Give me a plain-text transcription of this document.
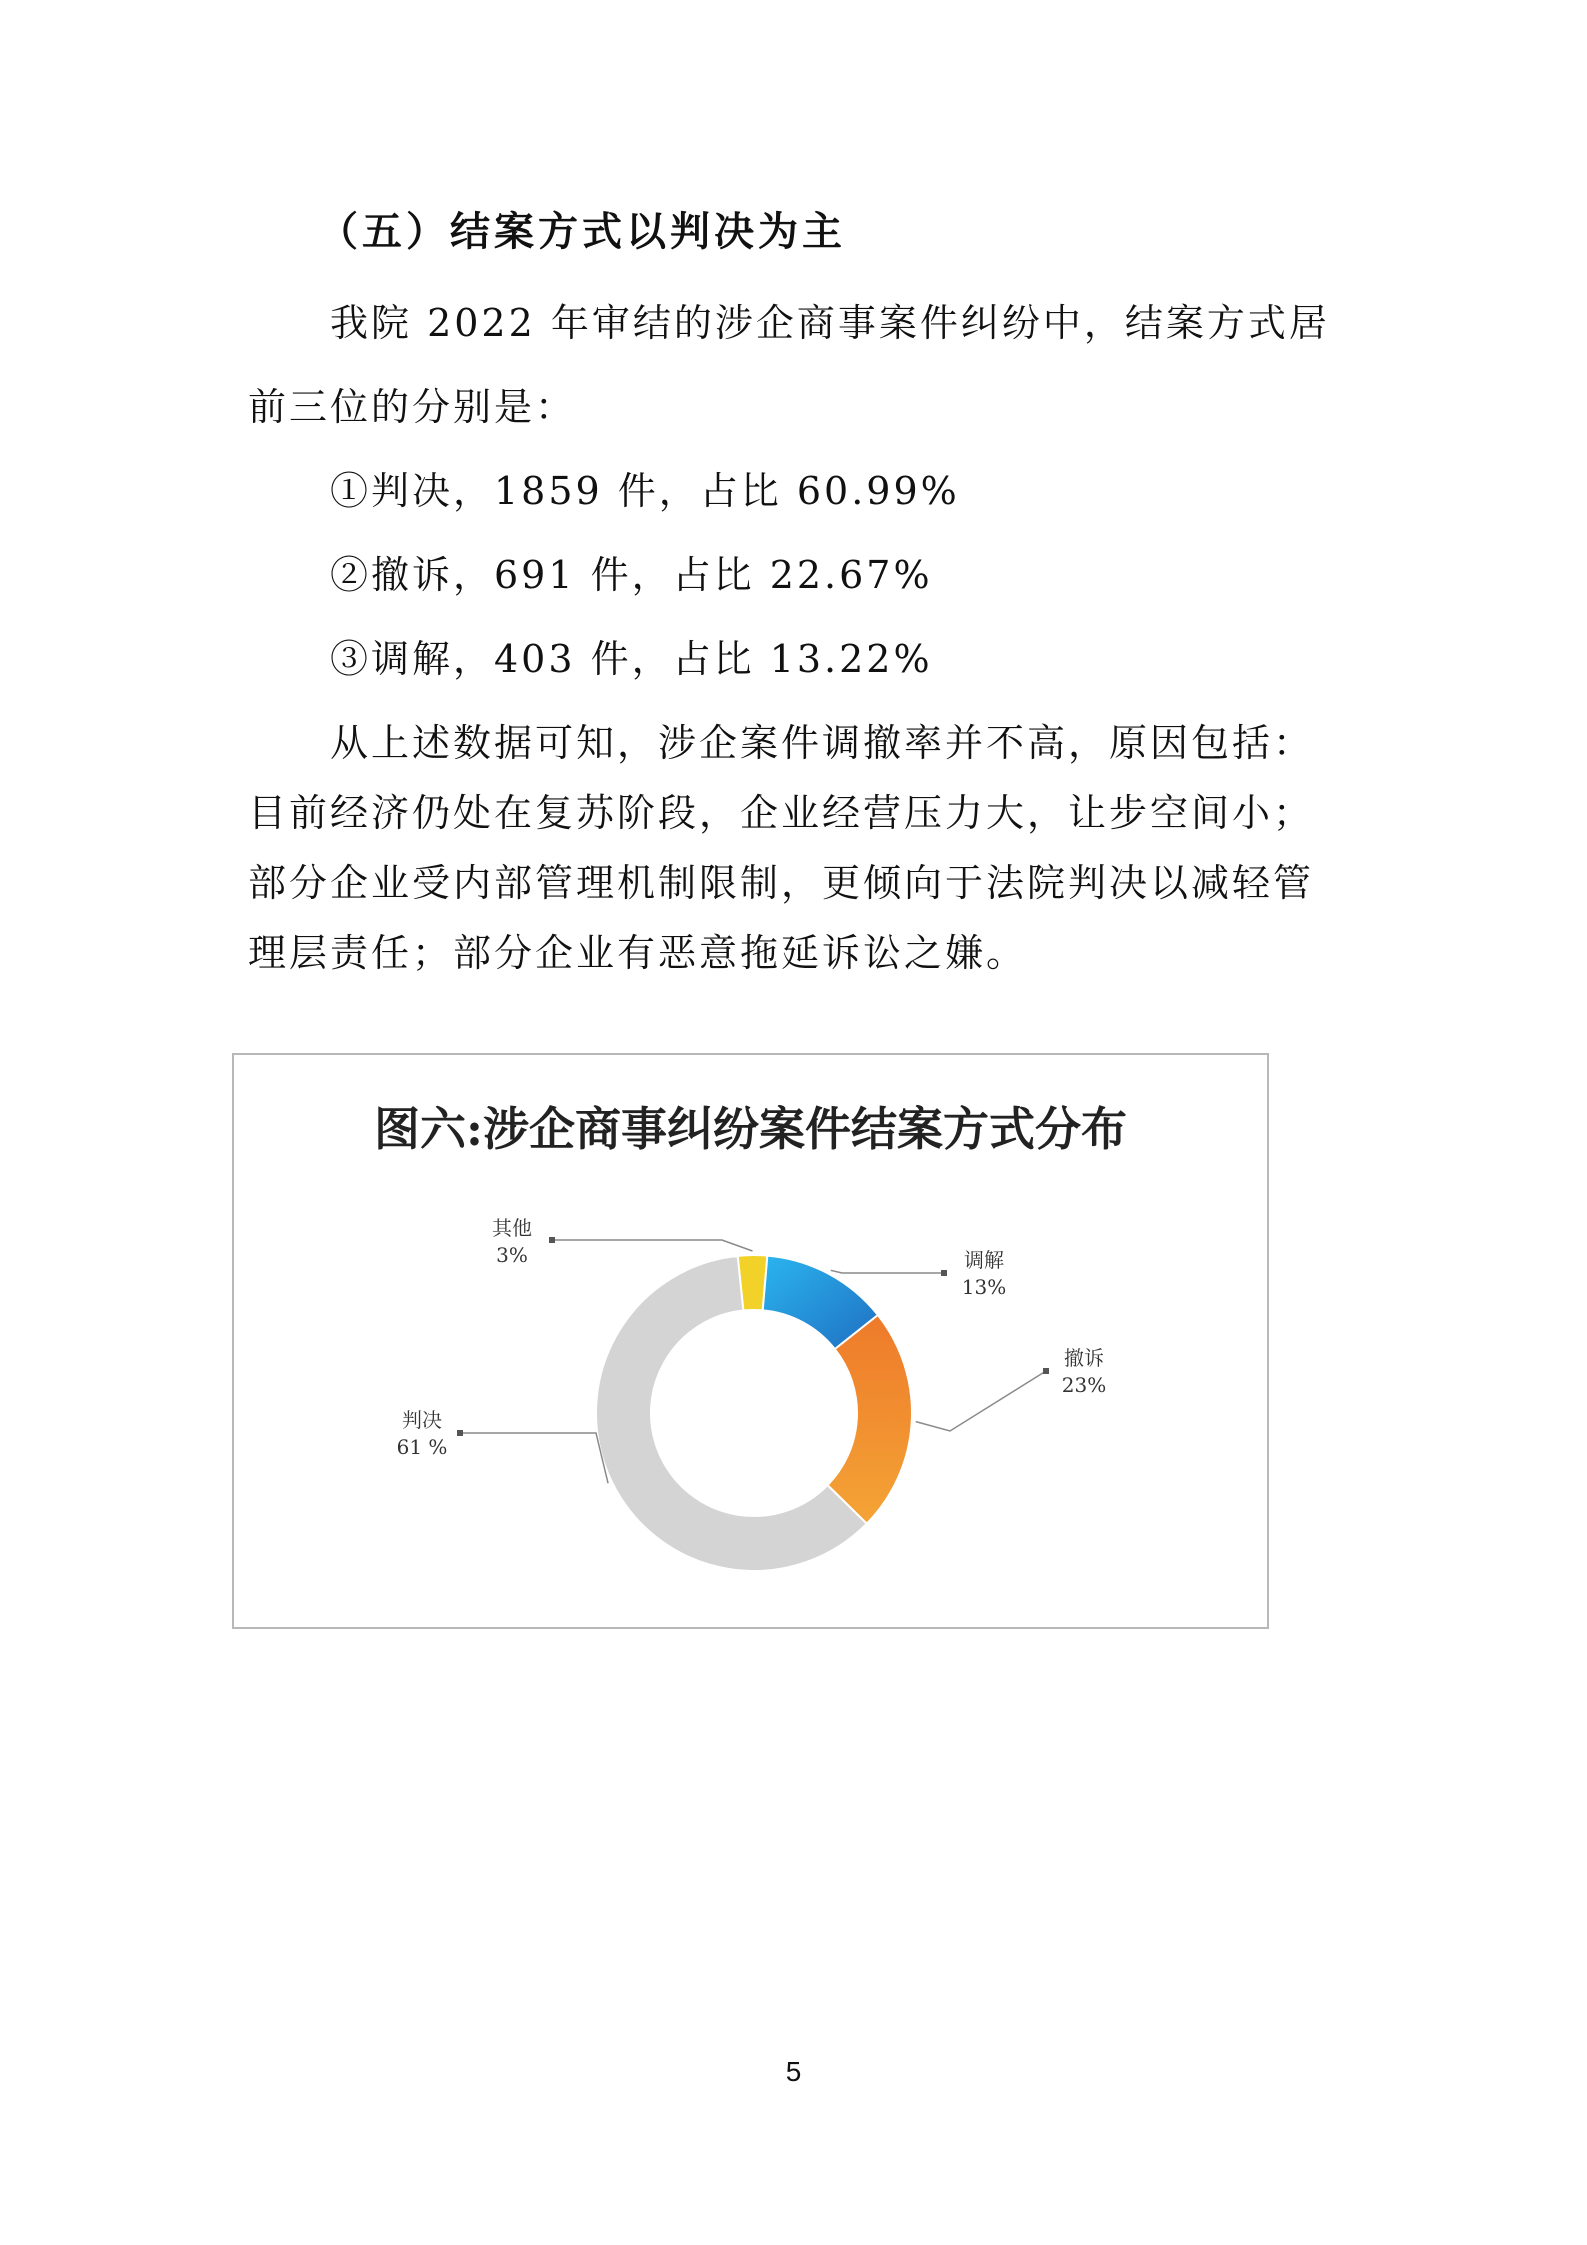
（五）结案方式以判决为主
我院 2022 年审结的涉企商事案件纠纷中，结案方式居
前三位的分别是：
①判决，1859 件，占比 60.99%
②撤诉，691 件，占比 22.67%
③调解，403 件，占比 13.22%
从上述数据可知，涉企案件调撤率并不高，原因包括：
目前经济仍处在复苏阶段，企业经营压力大，让步空间小；
部分企业受内部管理机制限制，更倾向于法院判决以减轻管
理层责任；部分企业有恶意拖延诉讼之嫌。
图六:涉企商事纠纷案件结案方式分布
其他
3%	调解
13%
撤诉
23%
判决
61 %
5
